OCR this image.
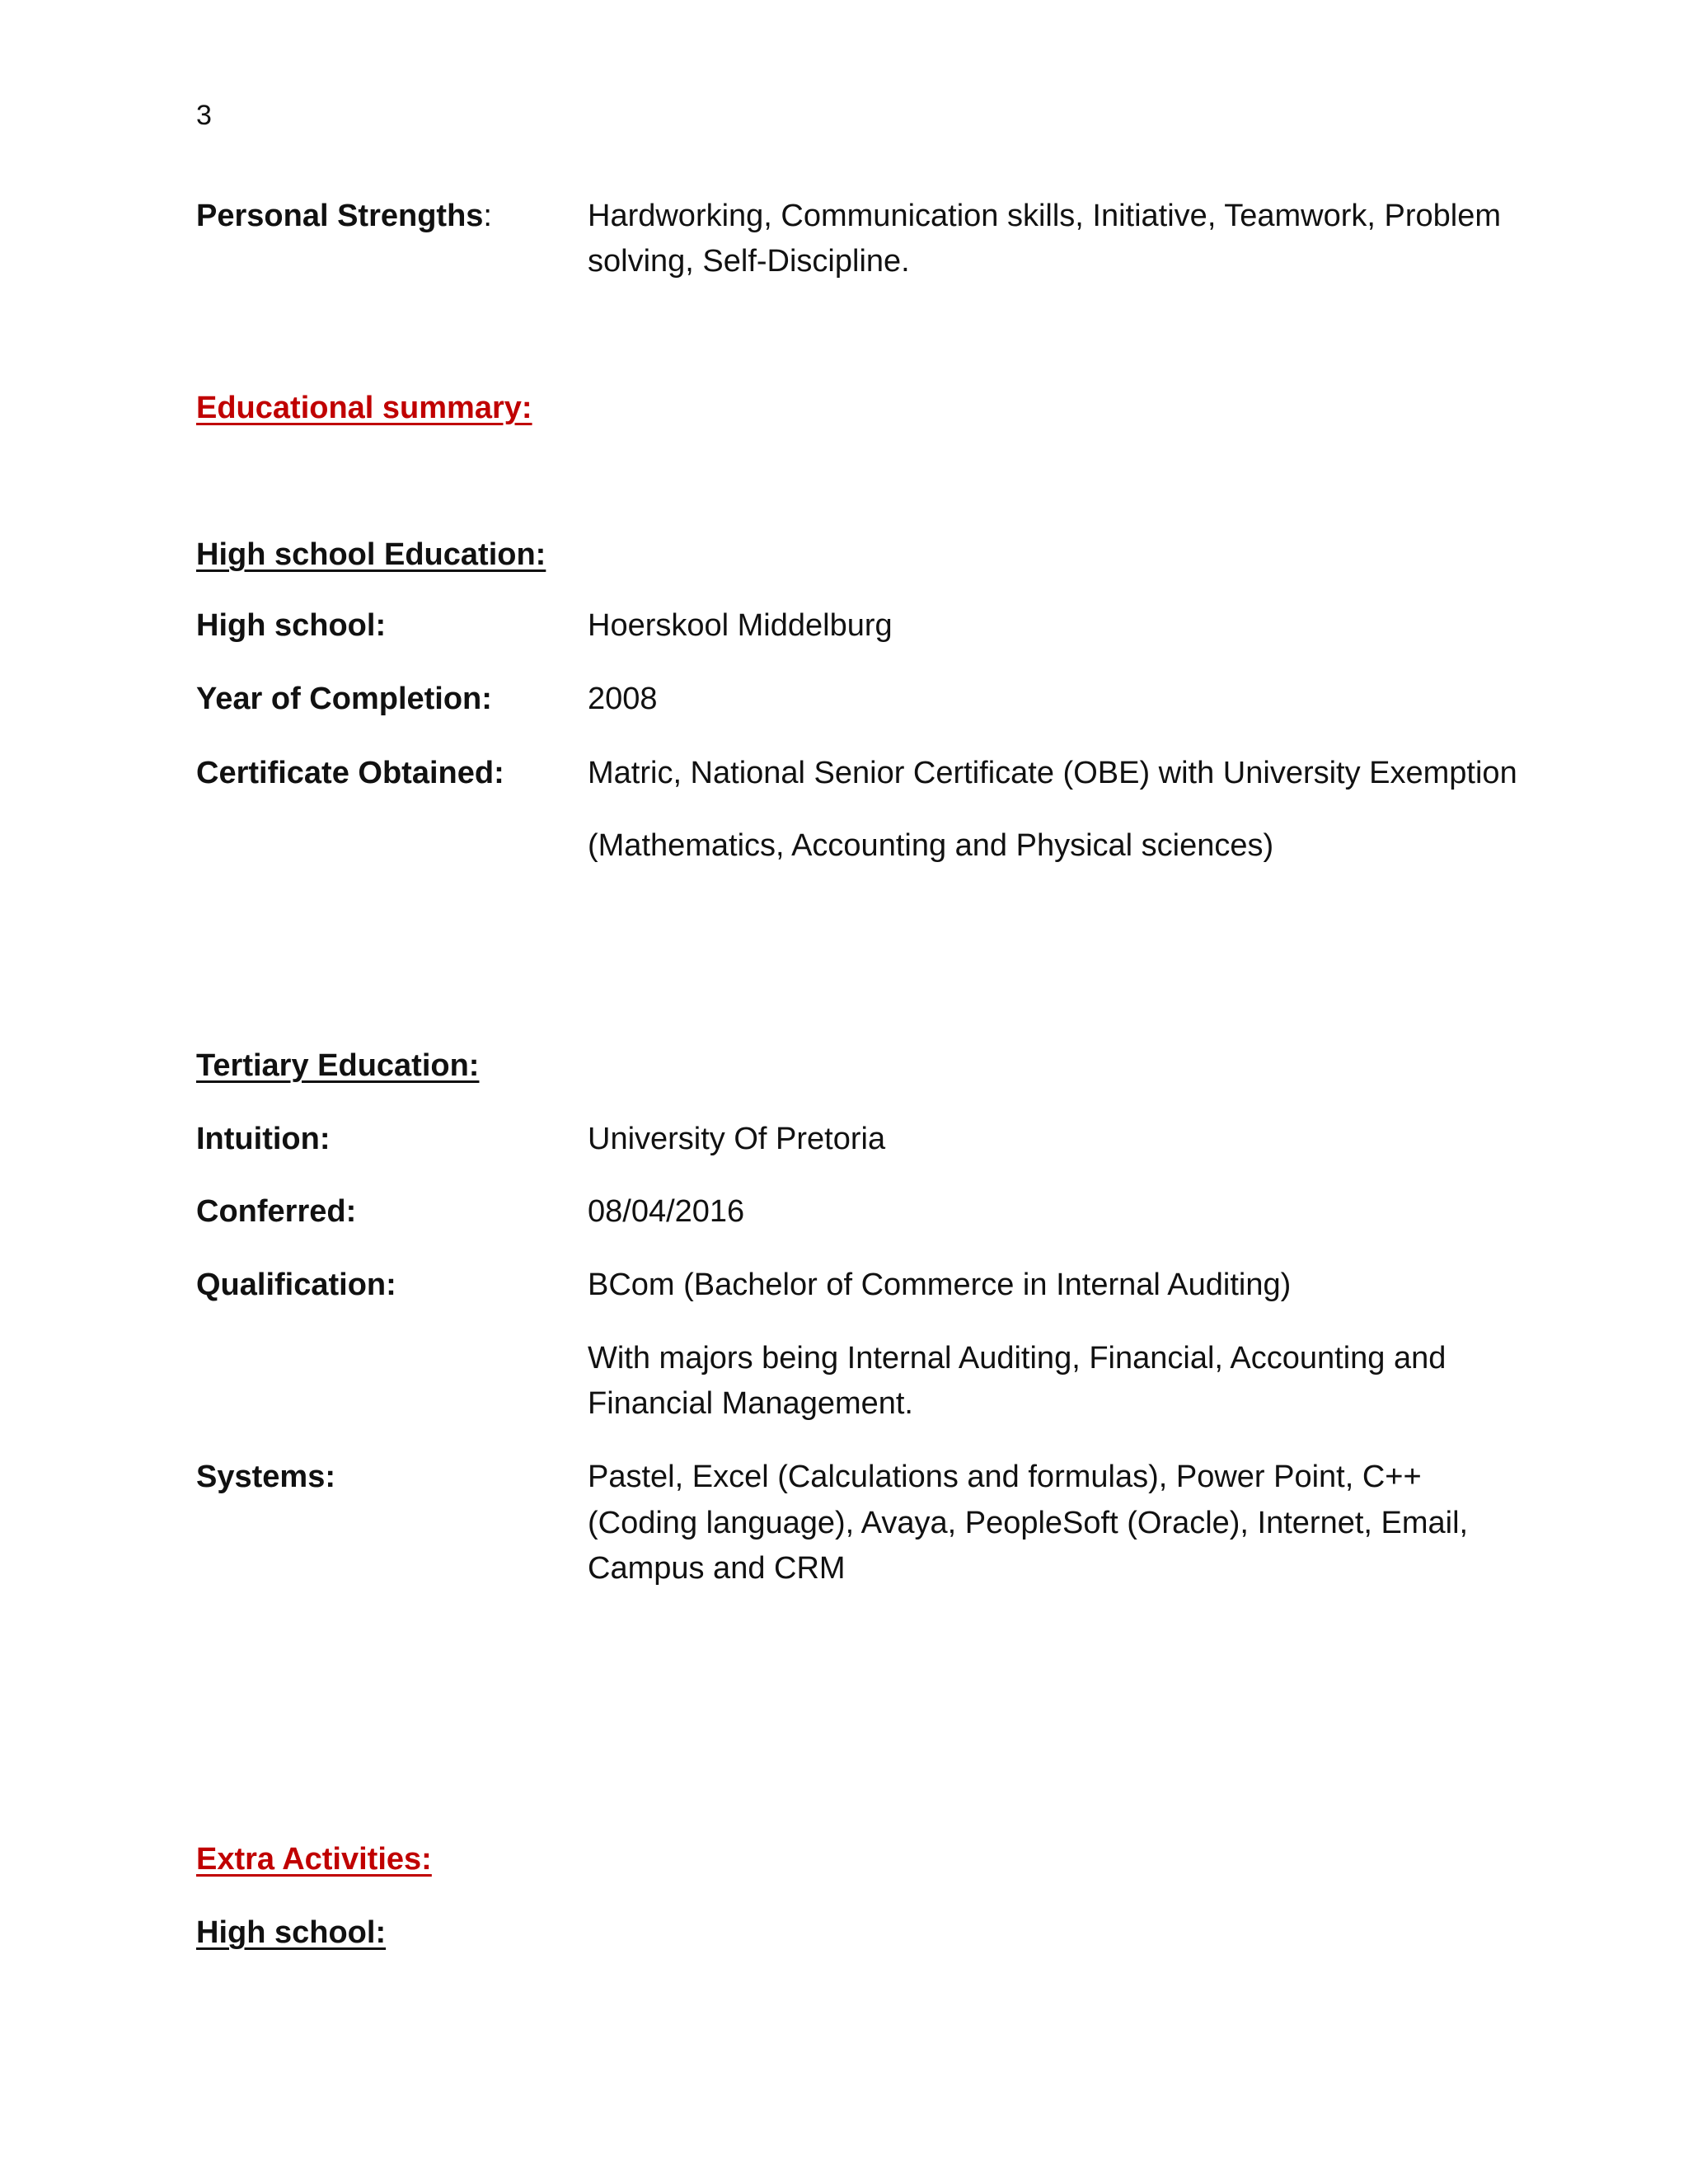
3

Personal Strengths:	Hardworking, Communication skills, Initiative, Teamwork, Problem

solving, Self-Discipline.

Educational summary:

High school Education:

High school:	Hoerskool Middelburg

Year of Completion:	2008

Certificate Obtained:	Matric, National Senior Certificate (OBE) with University Exemption

(Mathematics, Accounting and Physical sciences)

Tertiary Education:

Intuition:	University Of Pretoria

Conferred:	08/04/2016

Qualification:	BCom (Bachelor of Commerce in Internal Auditing)

With majors being Internal Auditing, Financial, Accounting and

Financial Management.

Systems:	Pastel, Excel (Calculations and formulas), Power Point, C++

(Coding language), Avaya, PeopleSoft (Oracle), Internet, Email,

Campus and CRM

Extra Activities:

High school:
